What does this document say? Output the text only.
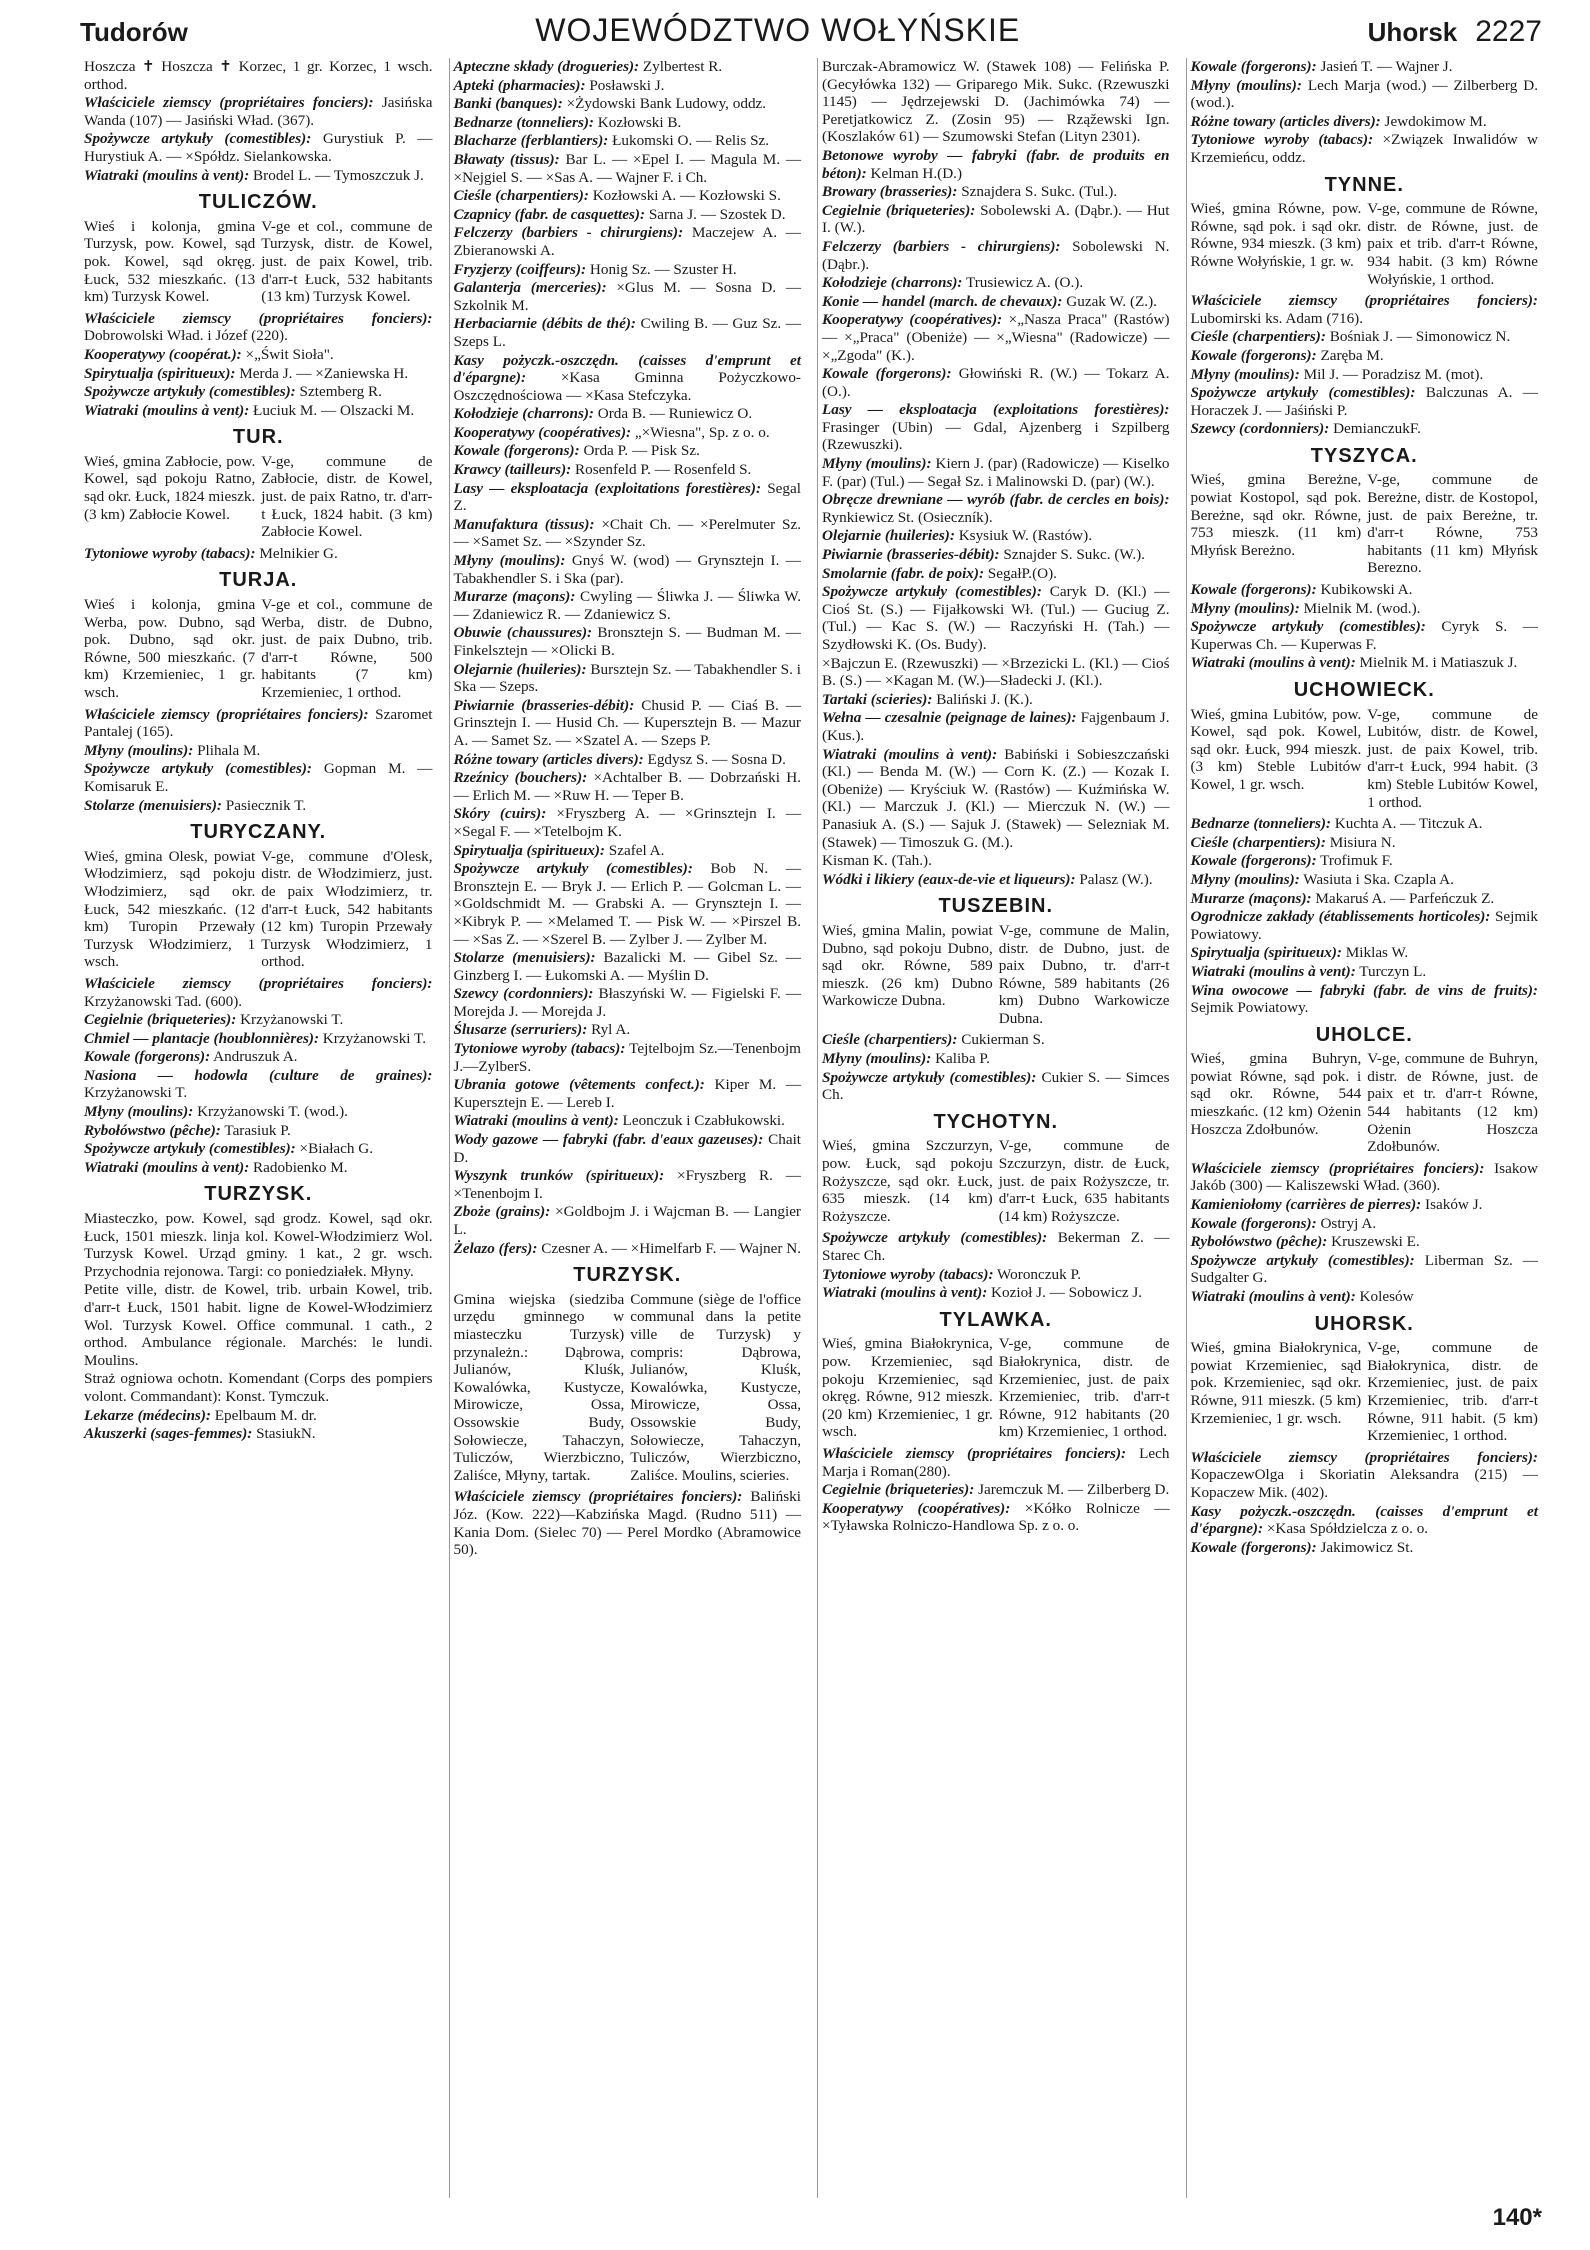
Tudorów	WOJEWÓDZTWO WOŁYŃSKIE	Uhorsk 2227

Hoszcza ✝ Hoszcza ✝ Korzec, 1 gr. Korzec, 1 wsch. orthod.

Właściciele ziemscy (propriétaires fonciers): Jasińska Wanda (107) — Jasiński Wład. (367).

Spożywcze artykuły (comestibles): Gurystiuk P. — Hurystiuk A. — ×Spółdz. Sielankowska.

Wiatraki (moulins à vent): Brodel L. — Tymoszczuk J.

TULICZÓW.

Wieś i kolonja, gmina Turzysk, pow. Kowel, sąd pok. Kowel, sąd okręg. Łuck, 532 mieszkańc. (13 km) Turzysk Kowel.

V-ge et col., commune de Turzysk, distr. de Kowel, just. de paix Kowel, trib. d'arr-t Łuck, 532 habitants (13 km) Turzysk Kowel.

Właściciele ziemscy (propriétaires fonciers): Dobrowolski Wład. i Józef (220).

Kooperatywy (coopérat.): ×„Świt Sioła".

Spirytualja (spiritueux): Merda J. — ×Zaniewska H.

Spożywcze artykuły (comestibles): Sztemberg R.

Wiatraki (moulins à vent): Łuciuk M. — Olszacki M.

TUR.

Wieś, gmina Zabłocie, pow. Kowel, sąd pokoju Ratno, sąd okr. Łuck, 1824 mieszk. (3 km) Zabłocie Kowel.

V-ge, commune de Zabłocie, distr. de Kowel, just. de paix Ratno, tr. d'arr-t Łuck, 1824 habit. (3 km) Zabłocie Kowel.

Tytoniowe wyroby (tabacs): Melnikier G.

TURJA.

Wieś i kolonja, gmina Werba, pow. Dubno, sąd pok. Dubno, sąd okr. Równe, 500 mieszkańc. (7 km) Krzemieniec, 1 gr. wsch.

V-ge et col., commune de Werba, distr. de Dubno, just. de paix Dubno, trib. d'arr-t Równe, 500 habitants (7 km) Krzemieniec, 1 orthod.

Właściciele ziemscy (propriétaires fonciers): Szaromet Pantalej (165).

Młyny (moulins): Plihala M.

Spożywcze artykuły (comestibles): Gopman M. — Komisaruk E.

Stolarze (menuisiers): Pasiecznik T.

TURYCZANY.

Wieś, gmina Olesk, powiat Włodzimierz, sąd pokoju Włodzimierz, sąd okr. Łuck, 542 mieszkańc. (12 km) Turopin Przewały Turzysk Włodzimierz, 1 wsch.

V-ge, commune d'Olesk, distr. de Włodzimierz, just. de paix Włodzimierz, tr. d'arr-t Łuck, 542 habitants (12 km) Turopin Przewały Turzysk Włodzimierz, 1 orthod.

Właściciele ziemscy (propriétaires fonciers): Krzyżanowski Tad. (600).

Cegielnie (briqueteries): Krzyżanowski T.

Chmiel — plantacje (houblonnières): Krzyżanowski T.

Kowale (forgerons): Andruszuk A.

Nasiona — hodowla (culture de graines): Krzyżanowski T.

Młyny (moulins): Krzyżanowski T. (wod.).

Rybołówstwo (pêche): Tarasiuk P.

Spożywcze artykuły (comestibles): ×Białach G.

Wiatraki (moulins à vent): Radobienko M.

TURZYSK.

Miasteczko, pow. Kowel, sąd grodz. Kowel, sąd okr. Łuck, 1501 mieszk. linja kol. Kowel-Włodzimierz Wol. Turzysk Kowel. Urząd gminy. 1 kat., 2 gr. wsch. Przychodnia rejonowa. Targi: co poniedziałek. Młyny.

Petite ville, distr. de Kowel, trib. urbain Kowel, trib. d'arr-t Łuck, 1501 habit. ligne de Kowel-Włodzimierz Wol. Turzysk Kowel. Office communal. 1 cath., 2 orthod. Ambulance régionale. Marchés: le lundi. Moulins.

Straż ogniowa ochotn. Komendant (Corps des pompiers volont. Commandant): Konst. Tymczuk.

Lekarze (médecins): Epelbaum M. dr.

Akuszerki (sages-femmes): StasiukN.

Apteczne składy (drogueries): Zylbertest R.

Apteki (pharmacies): Posławski J.

Banki (banques): ×Żydowski Bank Ludowy, oddz.

Bednarze (tonneliers): Kozłowski B.

Blacharze (ferblantiers): Łukomski O. — Relis Sz.

Bławaty (tissus): Bar L. — ×Epel I. — Magula M. — ×Nejgiel S. — ×Sas A. — Wajner F. i Ch.

Cieśle (charpentiers): Kozłowski A. — Kozłowski S.

Czapnicy (fabr. de casquettes): Sarna J. — Szostek D.

Felczerzy (barbiers - chirurgiens): Maczejew A. — Zbieranowski A.

Fryzjerzy (coiffeurs): Honig Sz. — Szuster H.

Galanterja (merceries): ×Glus M. — Sosna D. — Szkolnik M.

Herbaciarnie (débits de thé): Cwiling B. — Guz Sz. — Szeps L.

Kasy pożyczk.-oszczędn. (caisses d'emprunt et d'épargne): ×Kasa Gminna Pożyczkowo-Oszczędnościowa — ×Kasa Stefczyka.

Kołodzieje (charrons): Orda B. — Runiewicz O.

Kooperatywy (coopératives): „×Wiesna", Sp. z o. o.

Kowale (forgerons): Orda P. — Pisk Sz.

Krawcy (tailleurs): Rosenfeld P. — Rosenfeld S.

Lasy — eksploatacja (exploitations forestières): Segal Z.

Manufaktura (tissus): ×Chait Ch. — ×Perelmuter Sz. — ×Samet Sz. — ×Szynder Sz.

Młyny (moulins): Gnyś W. (wod) — Grynsztejn I. — Tabakhendler S. i Ska (par).

Murarze (maçons): Cwyling — Śliwka J. — Śliwka W. — Zdaniewicz R. — Zdaniewicz S.

Obuwie (chaussures): Bronsztejn S. — Budman M. — Finkelsztejn — ×Olicki B.

Olejarnie (huileries): Bursztejn Sz. — Tabakhendler S. i Ska — Szeps.

Piwiarnie (brasseries-débit): Chusid P. — Ciaś B. — Grinsztejn I. — Husid Ch. — Kupersztejn B. — Mazur A. — Samet Sz. — ×Szatel A. — Szeps P.

Różne towary (articles divers): Egdysz S. — Sosna D.

Rzeźnicy (bouchers): ×Achtalber B. — Dobrzański H. — Erlich M. — ×Ruw H. — Teper B.

Skóry (cuirs): ×Fryszberg A. — ×Grinsztejn I. — ×Segal F. — ×Tetelbojm K.

Spirytualja (spiritueux): Szafel A.

Spożywcze artykuły (comestibles): Bob N. — Bronsztejn E. — Bryk J. — Erlich P. — Golcman L. — ×Goldschmidt M. — Grabski A. — Grynsztejn I. — ×Kibryk P. — ×Melamed T. — Pisk W. — ×Pirszel B. — ×Sas Z. — ×Szerel B. — Zylber J. — Zylber M.

Stolarze (menuisiers): Bazalicki M. — Gibel Sz. — Ginzberg I. — Łukomski A. — Myślin D.

Szewcy (cordonniers): Błaszyński W. — Figielski F. — Morejda J. — Morejda J.

Ślusarze (serruriers): Ryl A.

Tytoniowe wyroby (tabacs): Tejtelbojm Sz.—Tenenbojm J.—ZylberS.

Ubrania gotowe (vêtements confect.): Kiper M. — Kupersztejn E. — Lereb I.

Wiatraki (moulins à vent): Leonczuk i Czabłukowski.

Wody gazowe — fabryki (fabr. d'eaux gazeuses): Chait D.

Wyszynk trunków (spiritueux): ×Fryszberg R. — ×Tenenbojm I.

Zboże (grains): ×Goldbojm J. i Wajcman B. — Langier L.

Żelazo (fers): Czesner A. — ×Himelfarb F. — Wajner N.

TURZYSK.

Gmina wiejska (siedziba urzędu gminnego w miasteczku Turzysk) przynależn.: Dąbrowa, Julianów, Kluśk, Kowalówka, Kustycze, Mirowicze, Ossa, Ossowskie Budy, Sołowiecze, Tahaczyn, Tuliczów, Wierzbiczno, Zaliśce, Młyny, tartak.

Commune (siège de l'office communal dans la petite ville de Turzysk) y compris: Dąbrowa, Julianów, Kluśk, Kowalówka, Kustycze, Mirowicze, Ossa, Ossowskie Budy, Sołowiecze, Tahaczyn, Tuliczów, Wierzbiczno, Zaliśce. Moulins, scieries.

Właściciele ziemscy (propriétaires fonciers): Baliński Józ. (Kow. 222)—Kabzińska Magd. (Rudno 511) — Kania Dom. (Sielec 70) — Perel Mordko (Abramowice 50).

Burczak-Abramowicz W. (Stawek 108) — Felińska P. (Gecyłówka 132) — Griparego Mik. Sukc. (Rzewuszki 1145) — Jędrzejewski D. (Jachimówka 74) — Peretjatkowicz Z. (Zosin 95) — Rząžewski Ign. (Koszlaków 61) — Szumowski Stefan (Lityn 2301).

Betonowe wyroby — fabryki (fabr. de produits en béton): Kelman H.(D.)

Browary (brasseries): Sznajdera S. Sukc. (Tul.).

Cegielnie (briqueteries): Sobolewski A. (Dąbr.). — Hut I. (W.).

Felczerzy (barbiers - chirurgiens): Sobolewski N. (Dąbr.).

Kołodzieje (charrons): Trusiewicz A. (O.).

Konie — handel (march. de chevaux): Guzak W. (Z.).

Kooperatywy (coopératives): ×„Nasza Praca" (Rastów) — ×„Praca" (Obeniże) — ×„Wiesna" (Radowicze) — ×„Zgoda" (K.).

Kowale (forgerons): Głowiński R. (W.) — Tokarz A. (O.).

Lasy — eksploatacja (exploitations forestières): Frasinger (Ubin) — Gdal, Ajzenberg i Szpilberg (Rzewuszki).

Młyny (moulins): Kiern J. (par) (Radowicze) — Kiselko F. (par) (Tul.) — Segał Sz. i Malinowski D. (par) (W.).

Obręcze drewniane — wyrób (fabr. de cercles en bois): Rynkiewicz St. (Osieczník).

Olejarnie (huileries): Ksysiuk W. (Rastów).

Piwiarnie (brasseries-débit): Sznajder S. Sukc. (W.).

Smolarnie (fabr. de poix): SegałP.(O).

Spożywcze artykuły (comestibles): Caryk D. (Kl.) — Cioś St. (S.) — Fijałkowski Wł. (Tul.) — Guciug Z. (Tul.) — Kac S. (W.) — Raczyński H. (Tah.) — Szydłowski K. (Os. Budy).

×Bajczun E. (Rzewuszki) — ×Brzezicki L. (Kl.) — Cioś B. (S.) — ×Kagan M. (W.)—Sładecki J. (Kl.).

Tartaki (scieries): Baliński J. (K.).

Wełna — czesalnie (peignage de laines): Fajgenbaum J. (Kus.).

Wiatraki (moulins à vent): Babiński i Sobieszczański (Kl.) — Bendа M. (W.) — Corn K. (Z.) — Kozak I. (Obeniże) — Kryściuk W. (Rastów) — Kuźmińska W. (Kl.) — Marczuk J. (Kl.) — Mierczuk N. (W.) — Panasiuk A. (S.) — Sajuk J. (Stawek) — Selezniak M. (Stawek) — Timoszuk G. (M.).

Kisman K. (Tah.).

Wódki i likiery (eaux-de-vie et liqueurs): Palasz (W.).

TUSZEBIN.

Wieś, gmina Malin, powiat Dubno, sąd pokoju Dubno, sąd okr. Równe, 589 mieszk. (26 km) Dubno Warkowicze Dubna.

V-ge, commune de Malin, distr. de Dubno, just. de paix Dubno, tr. d'arr-t Równe, 589 habitants (26 km) Dubno Warkowicze Dubna.

Cieśle (charpentiers): Cukierman S.

Młyny (moulins): Kaliba P.

Spożywcze artykuły (comestibles): Cukier S. — Simces Ch.

TYCHOTYN.

Wieś, gmina Szczurzyn, pow. Łuck, sąd pokoju Rożyszcze, sąd okr. Łuck, 635 mieszk. (14 km) Rożyszcze.

V-ge, commune de Szczurzyn, distr. de Łuck, just. de paix Rożyszcze, tr. d'arr-t Łuck, 635 habitants (14 km) Rożyszcze.

Spożywcze artykuły (comestibles): Bekerman Z. — Starec Ch.

Tytoniowe wyroby (tabacs): Woronczuk P.

Wiatraki (moulins à vent): Kozioł J. — Sobowicz J.

TYLAWKA.

Wieś, gmina Białokrynica, pow. Krzemieniec, sąd pokoju Krzemieniec, sąd okręg. Równe, 912 mieszk. (20 km) Krzemieniec, 1 gr. wsch.

V-ge, commune de Białokrynica, distr. de Krzemieniec, just. de paix Krzemieniec, trib. d'arr-t Równe, 912 habitants (20 km) Krzemieniec, 1 orthod.

Właściciele ziemscy (propriétaires fonciers): Lech Marja i Roman(280).

Cegielnie (briqueteries): Jaremczuk M. — Zilberberg D.

Kooperatywy (coopératives): ×Kółko Rolnicze —×Tyławska Rolniczo-Handlowa Sp. z o. o.

Kowale (forgerons): Jasień T. — Wajner J.

Młyny (moulins): Lech Marja (wod.) — Zilberberg D. (wod.).

Różne towary (articles divers): Jewdokimow M.

Tytoniowe wyroby (tabacs): ×Związek Inwalidów w Krzemieńcu, oddz.

TYNNE.

Wieś, gmina Równe, pow. Równe, sąd pok. i sąd okr. Równe, 934 mieszk. (3 km) Równe Wołyńskie, 1 gr. w.

V-ge, commune de Równe, distr. de Równe, just. de paix et trib. d'arr-t Równe, 934 habit. (3 km) Równe Wołyńskie, 1 orthod.

Właściciele ziemscy (propriétaires fonciers): Lubomirski ks. Adam (716).

Cieśle (charpentiers): Bośniak J. — Simonowicz N.

Kowale (forgerons): Zaręba M.

Młyny (moulins): Mil J. — Poradzisz M. (mot).

Spożywcze artykuły (comestibles): Balczunas A. — Horaczek J. — Jaśiński P.

Szewcy (cordonniers): DemianczukF.

TYSZYCA.

Wieś, gmina Bereżne, powiat Kostopol, sąd pok. Bereżne, sąd okr. Równe, 753 mieszk. (11 km) Młyńsk Bereżno.

V-ge, commune de Bereżne, distr. de Kostopol, just. de paix Bereżne, tr. d'arr-t Równe, 753 habitants (11 km) Młyńsk Berezno.

Kowale (forgerons): Kubikowski A.

Młyny (moulins): Mielnik M. (wod.).

Spożywcze artykuły (comestibles): Cyryk S. — Kuperwas Ch. — Kuperwas F.

Wiatraki (moulins à vent): Mielnik M. i Matiaszuk J.

UCHOWIECK.

Wieś, gmina Lubitów, pow. Kowel, sąd pok. Kowel, sąd okr. Łuck, 994 mieszk. (3 km) Steble Lubitów Kowel, 1 gr. wsch.

V-ge, commune de Lubitów, distr. de Kowel, just. de paix Kowel, trib. d'arr-t Łuck, 994 habit. (3 km) Steble Lubitów Kowel, 1 orthod.

Bednarze (tonneliers): Kuchta A. — Titczuk A.

Cieśle (charpentiers): Misiura N.

Kowale (forgerons): Trofimuk F.

Młyny (moulins): Wasiuta i Ska. Czapla A.

Murarze (maçons): Makaruś A. — Parfeńczuk Z.

Ogrodnicze zakłady (établissements horticoles): Sejmik Powiatowy.

Spirytualja (spiritueux): Miklas W.

Wiatraki (moulins à vent): Turczyn L.

Wina owocowe — fabryki (fabr. de vins de fruits): Sejmik Powiatowy.

UHOLCE.

Wieś, gmina Buhryn, powiat Równe, sąd pok. i sąd okr. Równe, 544 mieszkańc. (12 km) Ożenin Hoszcza Zdołbunów.

V-ge, commune de Buhryn, distr. de Równe, just. de paix et tr. d'arr-t Równe, 544 habitants (12 km) Ożenin Hoszcza Zdołbunów.

Właściciele ziemscy (propriétaires fonciers): Isakow Jakób (300) — Kaliszewski Wład. (360).

Kamieniołomy (carrières de pierres): Isaków J.

Kowale (forgerons): Ostryj A.

Rybołówstwo (pêche): Kruszewski E.

Spożywcze artykuły (comestibles): Liberman Sz. — Sudgalter G.

Wiatraki (moulins à vent): Kolesów

UHORSK.

Wieś, gmina Białokrynica, powiat Krzemieniec, sąd pok. Krzemieniec, sąd okr. Równe, 911 mieszk. (5 km) Krzemieniec, 1 gr. wsch.

V-ge, commune de Białokrynica, distr. de Krzemieniec, just. de paix Krzemieniec, trib. d'arr-t Równe, 911 habit. (5 km) Krzemieniec, 1 orthod.

Właściciele ziemscy (propriétaires fonciers): KopaczewOlga i Skoriatin Aleksandra (215) — Kopaczew Mik. (402).

Kasy pożyczk.-oszczędn. (caisses d'emprunt et d'épargne): ×Kasa Spółdzielcza z o. o.

Kowale (forgerons): Jakimowicz St.

140*
